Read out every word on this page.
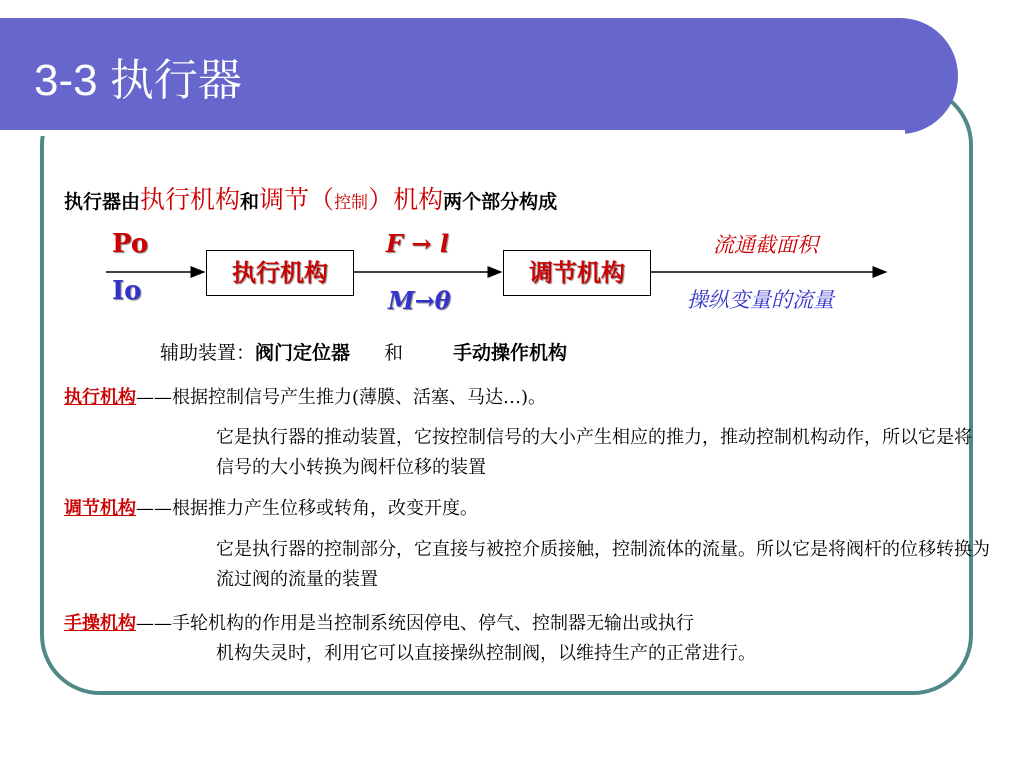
3-3 执行器
执行器由执行机构和调节（控制）机构两个部分构成
Po
Io
执行机构	调节机构
F → l
M→θ
流通截面积
操纵变量的流量
辅助装置：阀门定位器 和	手动操作机构
执行机构——根据控制信号产生推力(薄膜、活塞、马达…)。
它是执行器的推动装置，它按控制信号的大小产生相应的推力，推动控制机构动作，所以它是将信号的大小转换为阀杆位移的装置
调节机构——根据推力产生位移或转角，改变开度。
它是执行器的控制部分，它直接与被控介质接触，控制流体的流量。所以它是将阀杆的位移转换为流过阀的流量的装置
手操机构——手轮机构的作用是当控制系统因停电、停气、控制器无输出或执行
机构失灵时，利用它可以直接操纵控制阀，以维持生产的正常进行。
